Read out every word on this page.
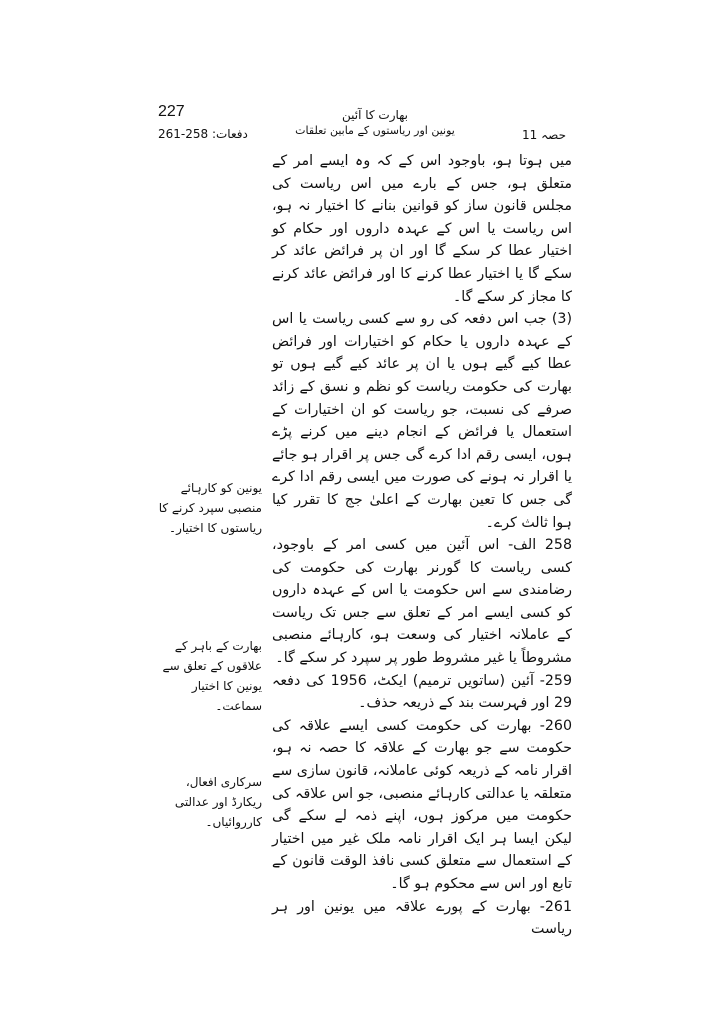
227	بھارت کا آئین
یونین اور ریاستوں کے مابین تعلقات
دفعات: 258-261	حصہ 11

میں ہوتا ہو، باوجود اس کے کہ وہ ایسے امر کے متعلق ہو، جس کے بارے میں اس ریاست کی مجلس قانون ساز کو قوانین بنانے کا اختیار نہ ہو، اس ریاست یا اس کے عہدہ داروں اور حکام کو اختیار عطا کر سکے گا اور ان پر فرائض عائد کر سکے گا یا اختیار عطا کرنے کا اور فرائض عائد کرنے کا مجاز کر سکے گا۔

(3) جب اس دفعہ کی رو سے کسی ریاست یا اس کے عہدہ داروں یا حکام کو اختیارات اور فرائض عطا کیے گیے ہوں یا ان پر عائد کیے گیے ہوں تو بھارت کی حکومت ریاست کو نظم و نسق کے زائد صرفے کی نسبت، جو ریاست کو ان اختیارات کے استعمال یا فرائض کے انجام دینے میں کرنے پڑے ہوں، ایسی رقم ادا کرے گی جس پر اقرار ہو جائے یا اقرار نہ ہونے کی صورت میں ایسی رقم ادا کرے گی جس کا تعین بھارت کے اعلیٰ جج کا تقرر کیا ہوا ثالث کرے۔

258 الف- اس آئین میں کسی امر کے باوجود، کسی ریاست کا گورنر بھارت کی حکومت کی رضامندی سے اس حکومت یا اس کے عہدہ داروں کو کسی ایسے امر کے تعلق سے جس تک ریاست کے عاملانہ اختیار کی وسعت ہو، کارہائے منصبی مشروطاً یا غیر مشروط طور پر سپرد کر سکے گا۔

259- آئین (ساتویں ترمیم) ایکٹ، 1956 کی دفعہ 29 اور فہرست بند کے ذریعہ حذف۔

260- بھارت کی حکومت کسی ایسے علاقہ کی حکومت سے جو بھارت کے علاقہ کا حصہ نہ ہو، اقرار نامہ کے ذریعہ کوئی عاملانہ، قانون سازی سے متعلقہ یا عدالتی کارہائے منصبی، جو اس علاقہ کی حکومت میں مرکوز ہوں، اپنے ذمہ لے سکے گی لیکن ایسا ہر ایک اقرار نامہ ملک غیر میں اختیار کے استعمال سے متعلق کسی نافذ الوقت قانون کے تابع اور اس سے محکوم ہو گا۔

261- بھارت کے پورے علاقہ میں یونین اور ہر ریاست

یونین کو کارہائے منصبی سپرد کرنے کا ریاستوں کا اختیار۔
بھارت کے باہر کے علاقوں کے تعلق سے یونین کا اختیار سماعت۔
سرکاری افعال، ریکارڈ اور عدالتی کارروائیاں۔
